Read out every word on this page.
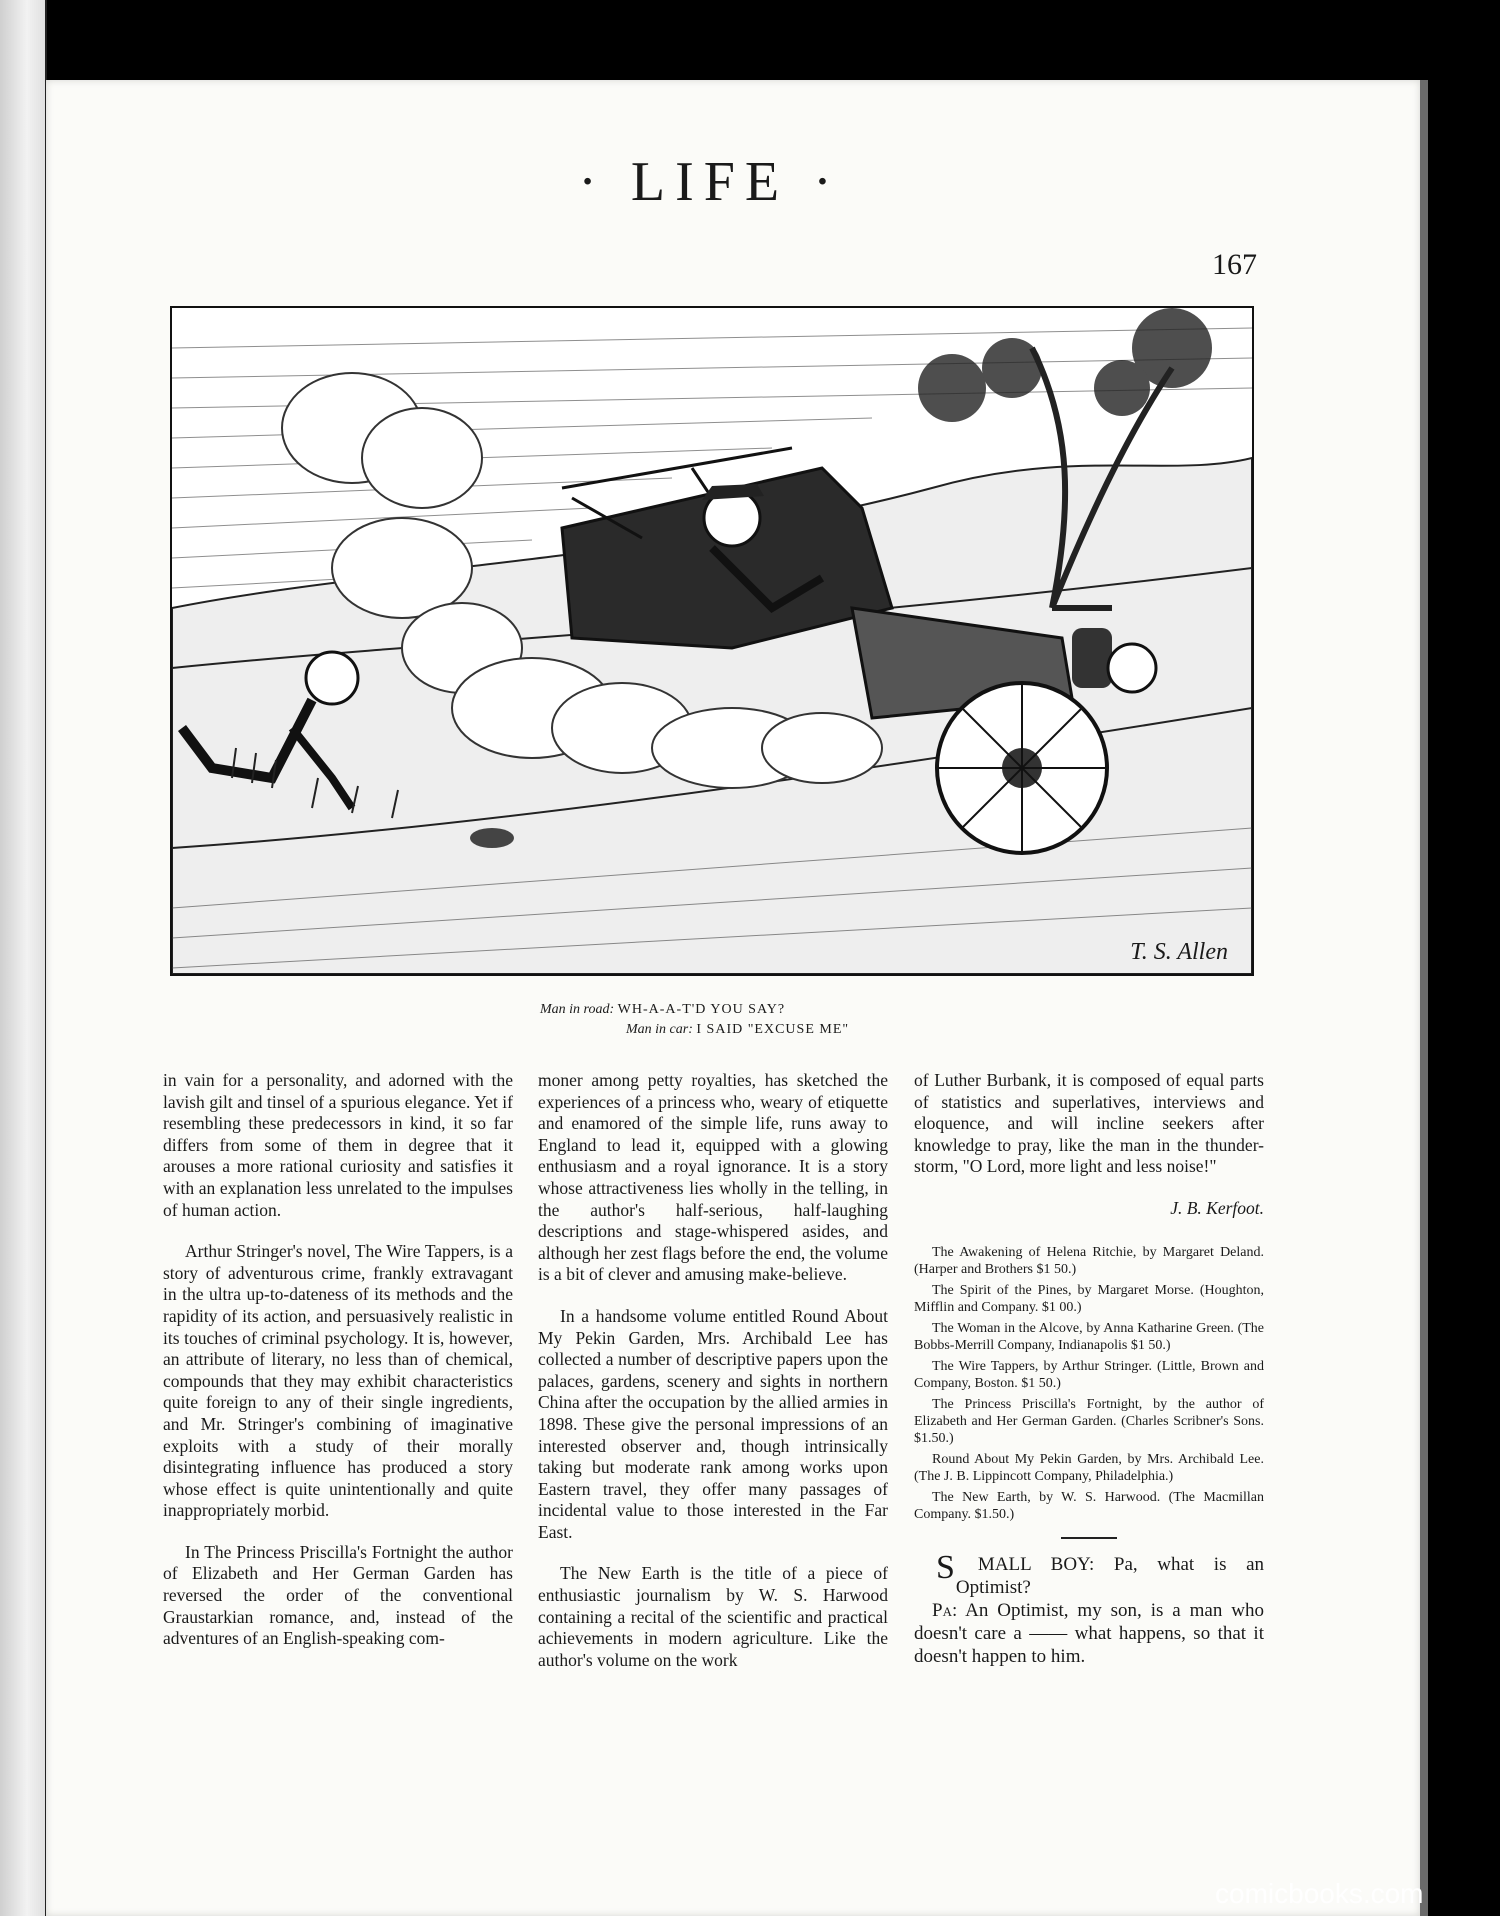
· LIFE ·
167
T. S. Allen
Man in road: WH-A-A-T'D YOU SAY?
Man in car: I SAID "EXCUSE ME"

in vain for a personality, and adorned with the lavish gilt and tinsel of a spurious elegance. Yet if resembling these predecessors in kind, it so far differs from some of them in degree that it arouses a more rational curiosity and satisfies it with an explanation less unrelated to the impulses of human action.

Arthur Stringer's novel, The Wire Tappers, is a story of adventurous crime, frankly extravagant in the ultra up-to-dateness of its methods and the rapidity of its action, and persuasively realistic in its touches of criminal psychology. It is, however, an attribute of literary, no less than of chemical, compounds that they may exhibit characteristics quite foreign to any of their single ingredients, and Mr. Stringer's combining of imaginative exploits with a study of their morally disintegrating influence has produced a story whose effect is quite unintentionally and quite inappropriately morbid.

In The Princess Priscilla's Fortnight the author of Elizabeth and Her German Garden has reversed the order of the conventional Graustarkian romance, and, instead of the adventures of an English-speaking com-

moner among petty royalties, has sketched the experiences of a princess who, weary of etiquette and enamored of the simple life, runs away to England to lead it, equipped with a glowing enthusiasm and a royal ignorance. It is a story whose attractiveness lies wholly in the telling, in the author's half-serious, half-laughing descriptions and stage-whispered asides, and although her zest flags before the end, the volume is a bit of clever and amusing make-believe.

In a handsome volume entitled Round About My Pekin Garden, Mrs. Archibald Lee has collected a number of descriptive papers upon the palaces, gardens, scenery and sights in northern China after the occupation by the allied armies in 1898. These give the personal impressions of an interested observer and, though intrinsically taking but moderate rank among works upon Eastern travel, they offer many passages of incidental value to those interested in the Far East.

The New Earth is the title of a piece of enthusiastic journalism by W. S. Harwood containing a recital of the scientific and practical achievements in modern agriculture. Like the author's volume on the work

of Luther Burbank, it is composed of equal parts of statistics and superlatives, interviews and eloquence, and will incline seekers after knowledge to pray, like the man in the thunder-storm, "O Lord, more light and less noise!"

J. B. Kerfoot.

The Awakening of Helena Ritchie, by Margaret Deland. (Harper and Brothers $1 50.)

The Spirit of the Pines, by Margaret Morse. (Houghton, Mifflin and Company. $1 00.)

The Woman in the Alcove, by Anna Katharine Green. (The Bobbs-Merrill Company, Indianapolis $1 50.)

The Wire Tappers, by Arthur Stringer. (Little, Brown and Company, Boston. $1 50.)

The Princess Priscilla's Fortnight, by the author of Elizabeth and Her German Garden. (Charles Scribner's Sons. $1.50.)

Round About My Pekin Garden, by Mrs. Archibald Lee. (The J. B. Lippincott Company, Philadelphia.)

The New Earth, by W. S. Harwood. (The Macmillan Company. $1.50.)

S MALL BOY: Pa, what is an Optimist?

Pa: An Optimist, my son, is a man who doesn't care a —— what happens, so that it doesn't happen to him.

comicbooks.com
